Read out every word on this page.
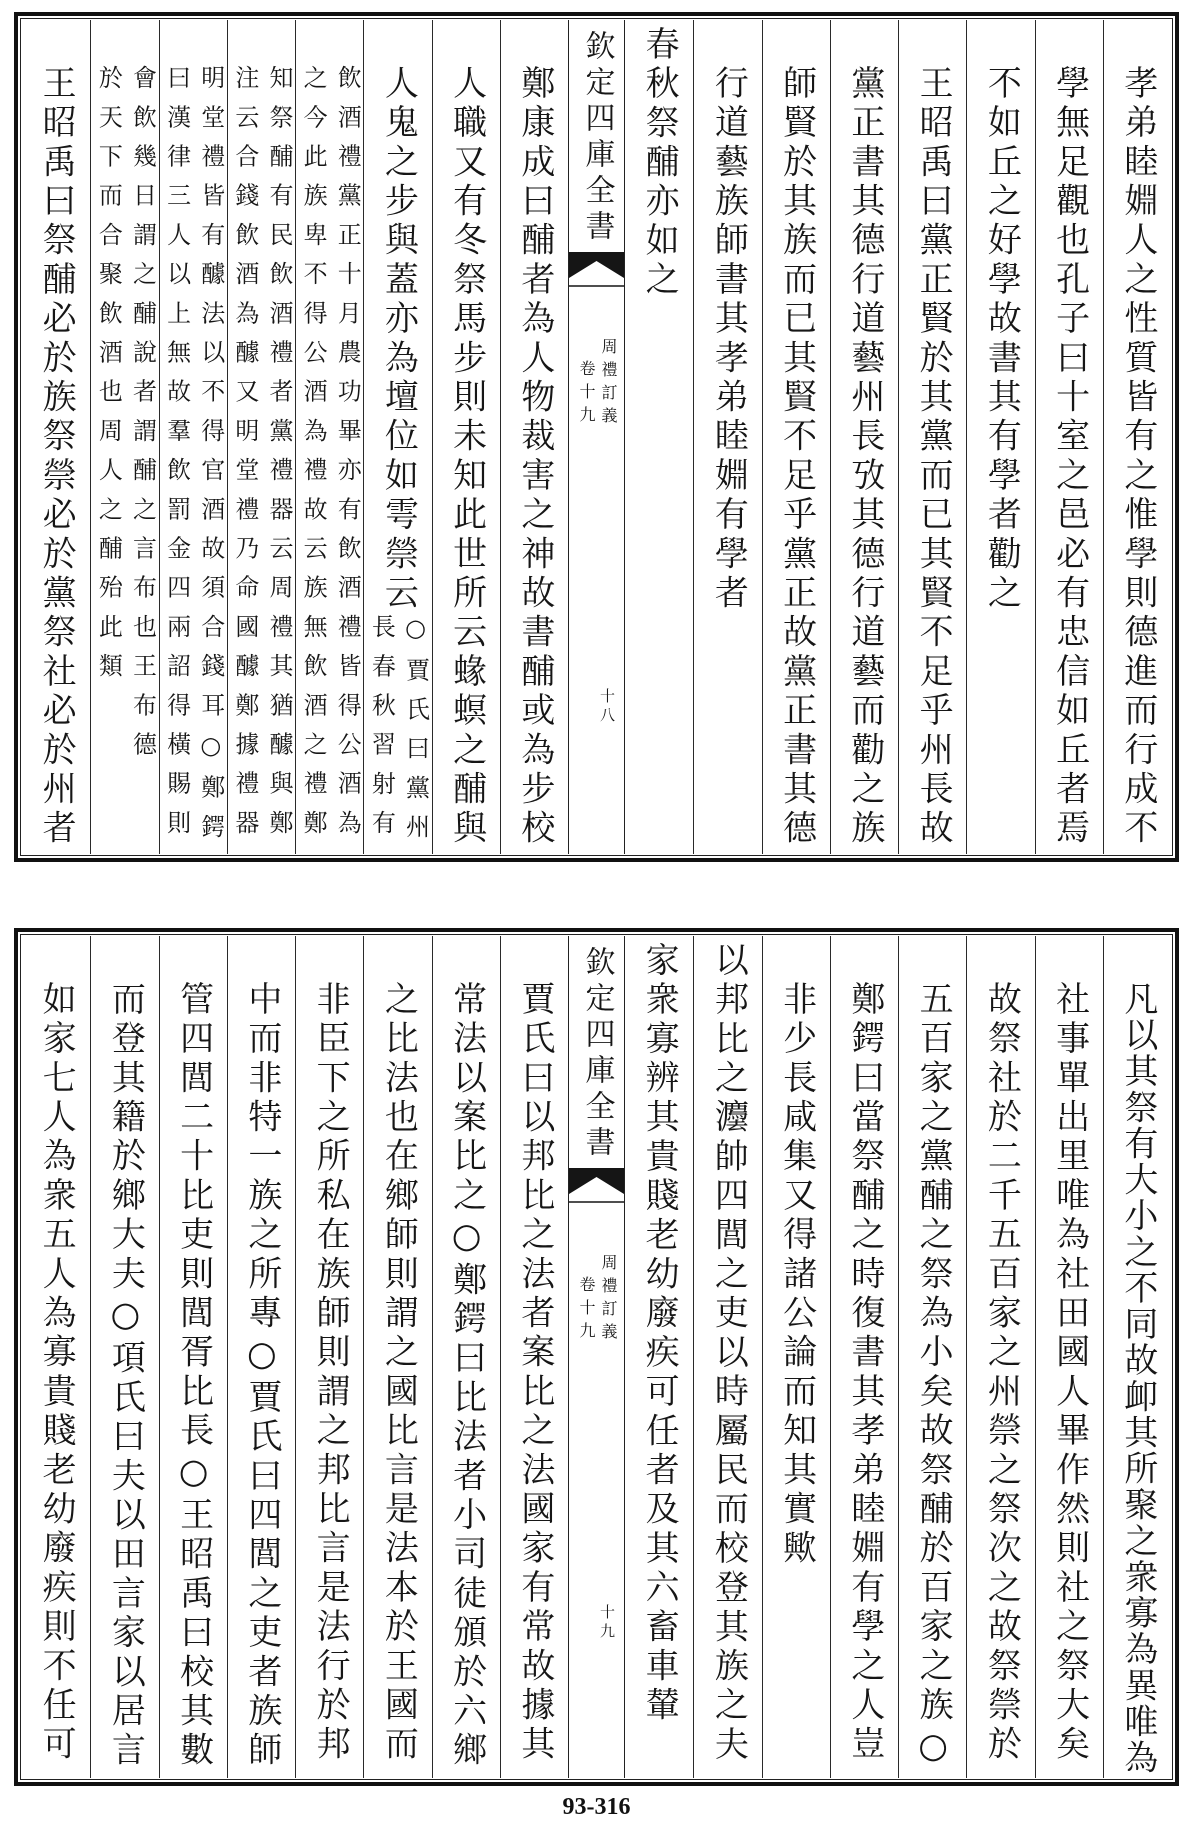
93-316
孝弟睦婣人之性質皆有之惟學則德進而行成不
學無足觀也孔子曰十室之邑必有忠信如丘者焉
不如丘之好學故書其有學者勸之
王昭禹曰黨正賢於其黨而已其賢不足乎州長故
黨正書其德行道藝州長攷其德行道藝而勸之族
師賢於其族而已其賢不足乎黨正故黨正書其德
行道藝族師書其孝弟睦婣有學者
春秋祭酺亦如之
鄭康成曰酺者為人物裁害之神故書酺或為步校
人職又有冬祭馬步則未知此世所云蝝螟之酺與
人鬼之步與蓋亦為壇位如雩禜云
○賈氏曰黨州
長春秋習射有
飲酒禮黨正十月農功畢亦有飲酒禮皆得公酒為
之今此族卑不得公酒為禮故云族無飲酒之禮鄭
知祭酺有民飲酒禮者黨禮器云周禮其猶醵與鄭
注云合錢飲酒為醵又明堂禮乃命國醵鄭據禮器
明堂禮皆有醵法以不得官酒故須合錢耳○鄭鍔
曰漢律三人以上無故羣飲罰金四兩詔得橫賜則
會飲幾日謂之酺說者謂酺之言布也王布德
於天下而合聚飲酒也周人之酺殆此類
王昭禹曰祭酺必於族祭禜必於黨祭社必於州者	欽定四庫全書
周禮訂義
卷十九
十八
凡以其祭有大小之不同故卹其所聚之衆寡為異唯為
社事單出里唯為社田國人畢作然則社之祭大矣
故祭社於二千五百家之州禜之祭次之故祭禜於
五百家之黨酺之祭為小矣故祭酺於百家之族○
鄭鍔曰當祭酺之時復書其孝弟睦婣有學之人豈
非少長咸集又得諸公論而知其實歟
以邦比之灋帥四閭之吏以時屬民而校登其族之夫
家衆寡辨其貴賤老幼廢疾可任者及其六畜車輦
賈氏曰以邦比之法者案比之法國家有常故據其
常法以案比之○鄭鍔曰比法者小司徒頒於六鄉
之比法也在鄉師則謂之國比言是法本於王國而
非臣下之所私在族師則謂之邦比言是法行於邦
中而非特一族之所專○賈氏曰四閭之吏者族師
管四閭二十比吏則閭胥比長○王昭禹曰校其數
而登其籍於鄉大夫○項氏曰夫以田言家以居言
如家七人為衆五人為寡貴賤老幼廢疾則不任可	欽定四庫全書
周禮訂義
卷十九
十九
